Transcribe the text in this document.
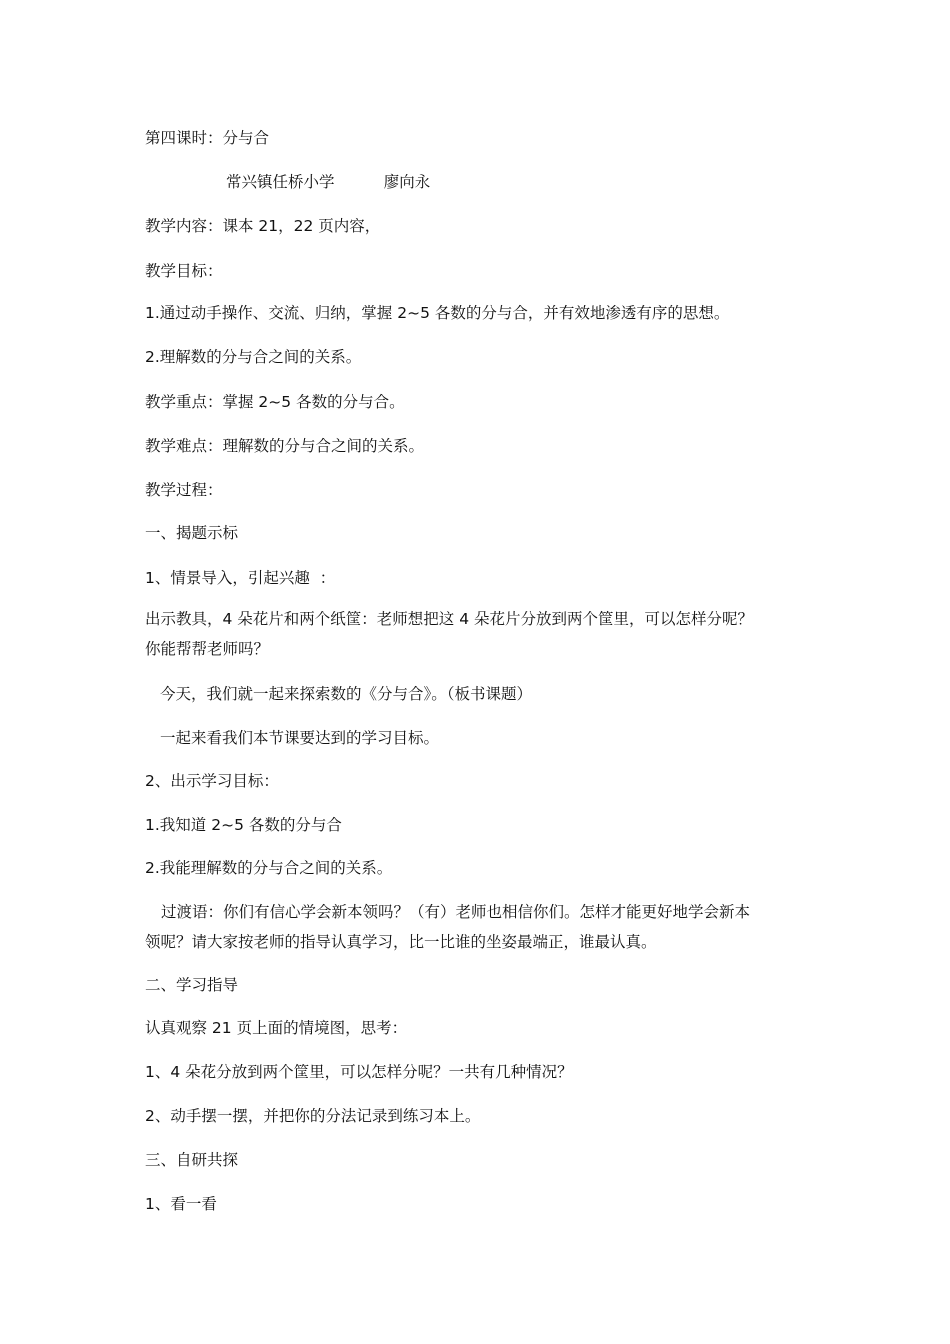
第四课时：分与合
常兴镇任桥小学          廖向永
教学内容：课本 21，22 页内容，
教学目标：
1.通过动手操作、交流、归纳，掌握 2~5 各数的分与合，并有效地渗透有序的思想。
2.理解数的分与合之间的关系。
教学重点：掌握 2~5 各数的分与合。
教学难点：理解数的分与合之间的关系。
教学过程：
一、揭题示标
1、情景导入，引起兴趣  ：
出示教具，4 朵花片和两个纸筐：老师想把这 4 朵花片分放到两个筐里，可以怎样分呢？
你能帮帮老师吗？
今天，我们就一起来探索数的《分与合》。（板书课题）
一起来看我们本节课要达到的学习目标。
2、出示学习目标：
1.我知道 2~5 各数的分与合
2.我能理解数的分与合之间的关系。
过渡语：你们有信心学会新本领吗？（有）老师也相信你们。怎样才能更好地学会新本
领呢？请大家按老师的指导认真学习，比一比谁的坐姿最端正，谁最认真。
二、学习指导
认真观察 21 页上面的情境图，思考：
1、4 朵花分放到两个筐里，可以怎样分呢？一共有几种情况？
2、动手摆一摆，并把你的分法记录到练习本上。
三、自研共探
1、看一看
